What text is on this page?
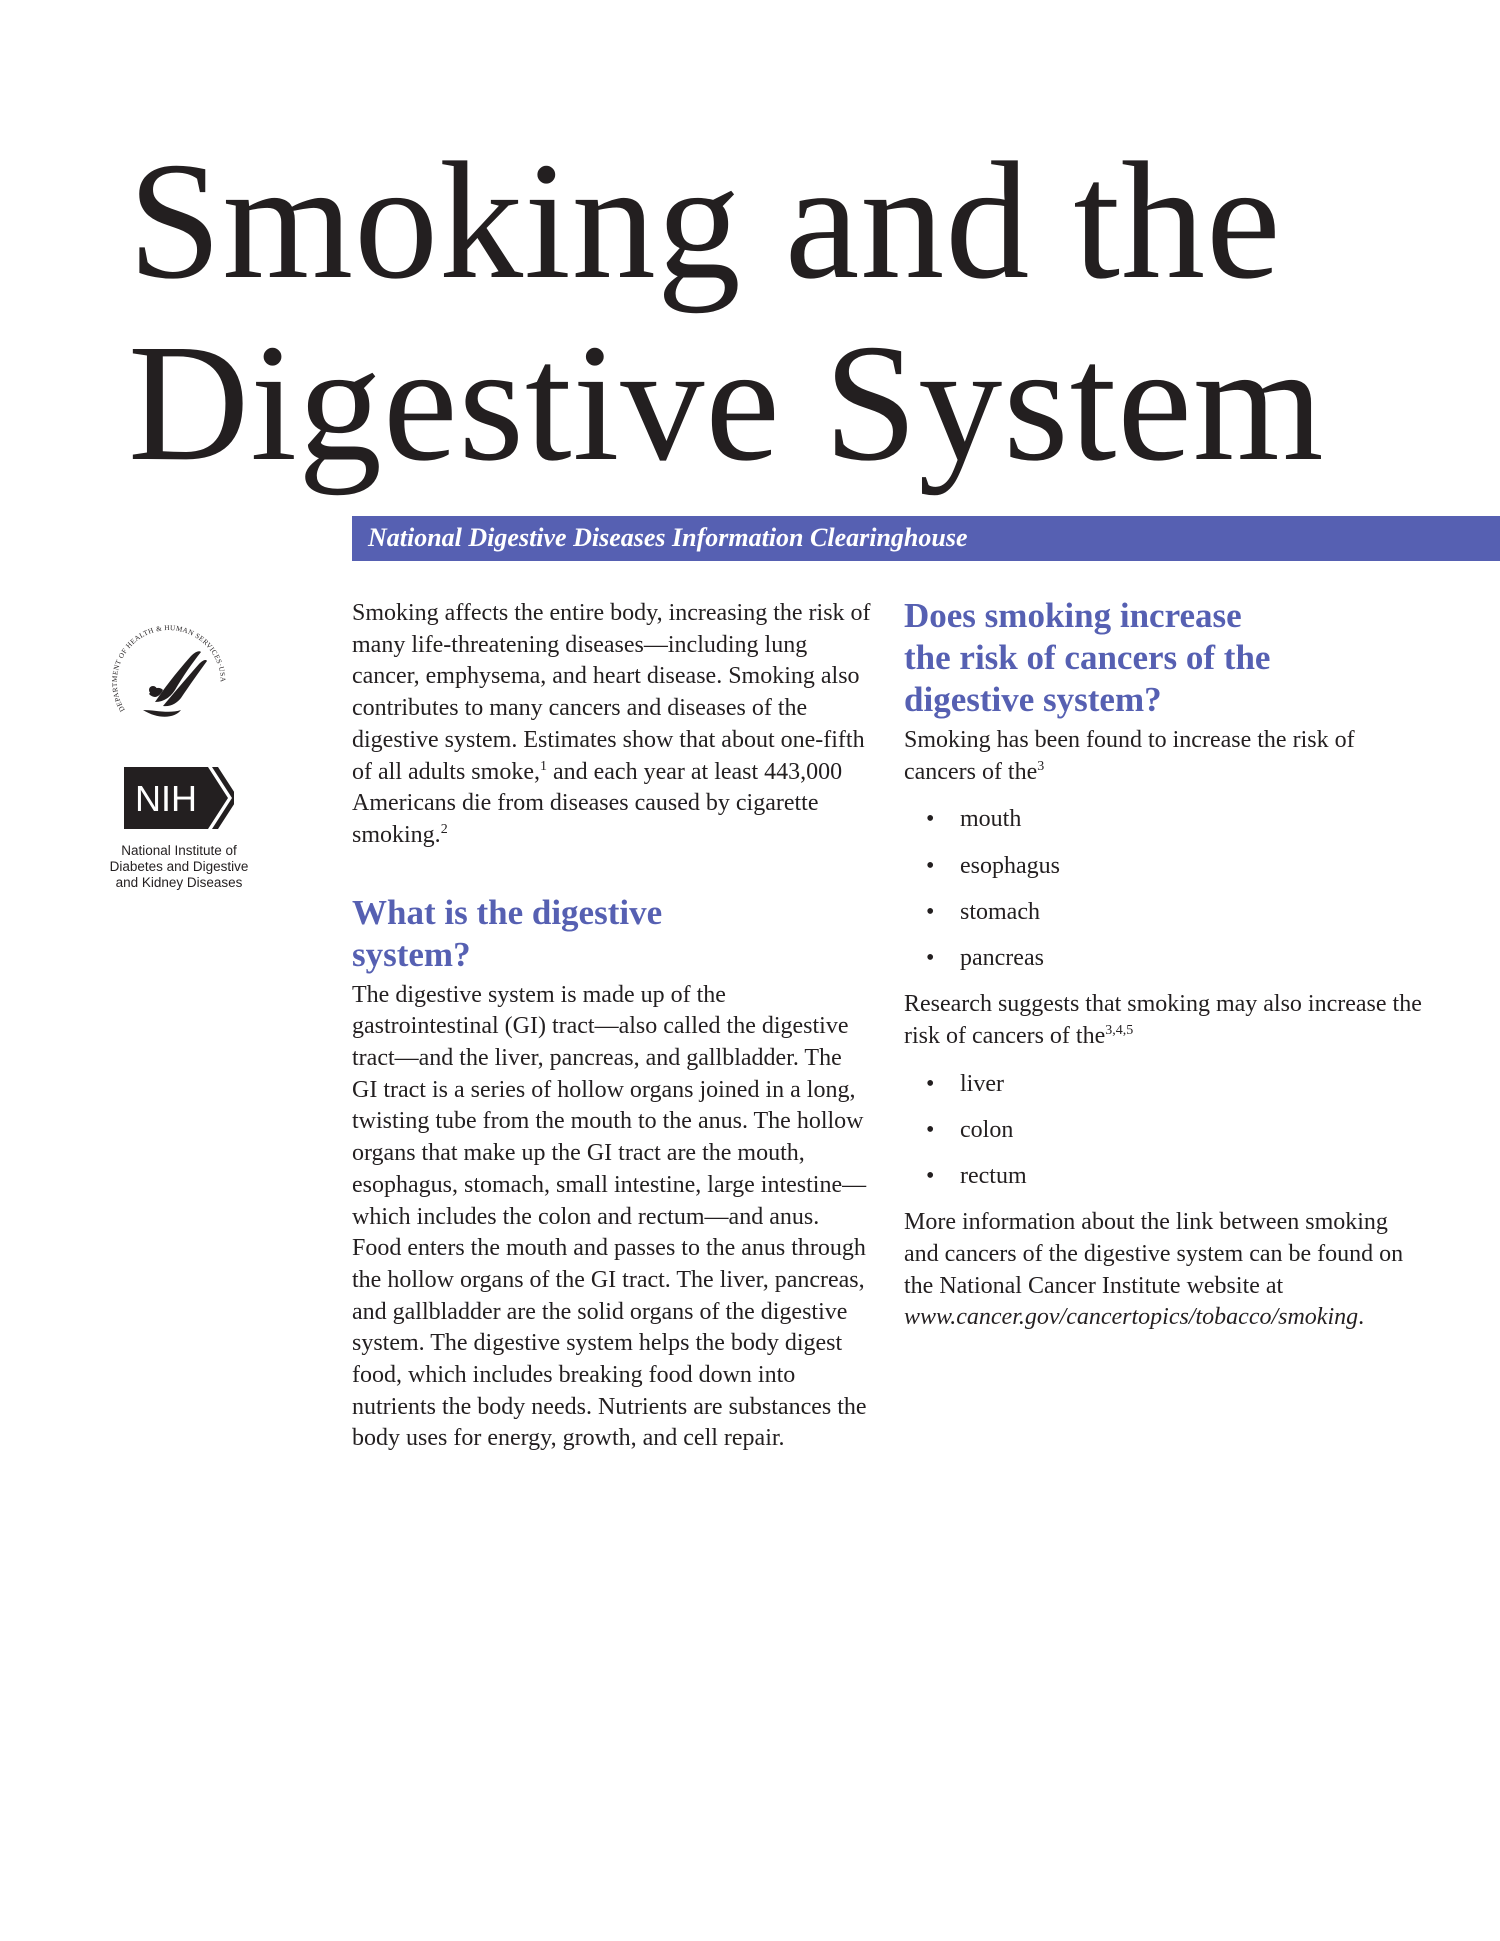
Smoking and the
Digestive System
National Digestive Diseases Information Clearinghouse
DEPARTMENT OF HEALTH & HUMAN SERVICES·USA
NIH
National Institute of
Diabetes and Digestive
and Kidney Diseases

Smoking affects the entire body, increasing the risk of many life-threatening diseases—including lung cancer, emphysema, and heart disease. Smoking also contributes to many cancers and diseases of the digestive system. Estimates show that about one-fifth of all adults smoke,$^1$ and each year at least 443,000 Americans die from diseases caused by cigarette smoking.$^2$

What is the digestive
system?

The digestive system is made up of the gastrointestinal (GI) tract—also called the digestive tract—and the liver, pancreas, and gallbladder. The GI tract is a series of hollow organs joined in a long, twisting tube from the mouth to the anus. The hollow organs that make up the GI tract are the mouth, esophagus, stomach, small intestine, large intestine—which includes the colon and rectum—and anus. Food enters the mouth and passes to the anus through the hollow organs of the GI tract. The liver, pancreas, and gallbladder are the solid organs of the digestive system. The digestive system helps the body digest food, which includes breaking food down into nutrients the body needs. Nutrients are substances the body uses for energy, growth, and cell repair.

Does smoking increase
the risk of cancers of the
digestive system?

Smoking has been found to increase the risk of cancers of the$^3$

• mouth
• esophagus
• stomach
• pancreas

Research suggests that smoking may also increase the risk of cancers of the$^{3,4,5}$

• liver
• colon
• rectum

More information about the link between smoking and cancers of the digestive system can be found on the National Cancer Institute website at www.cancer.gov/cancertopics/tobacco/smoking.
